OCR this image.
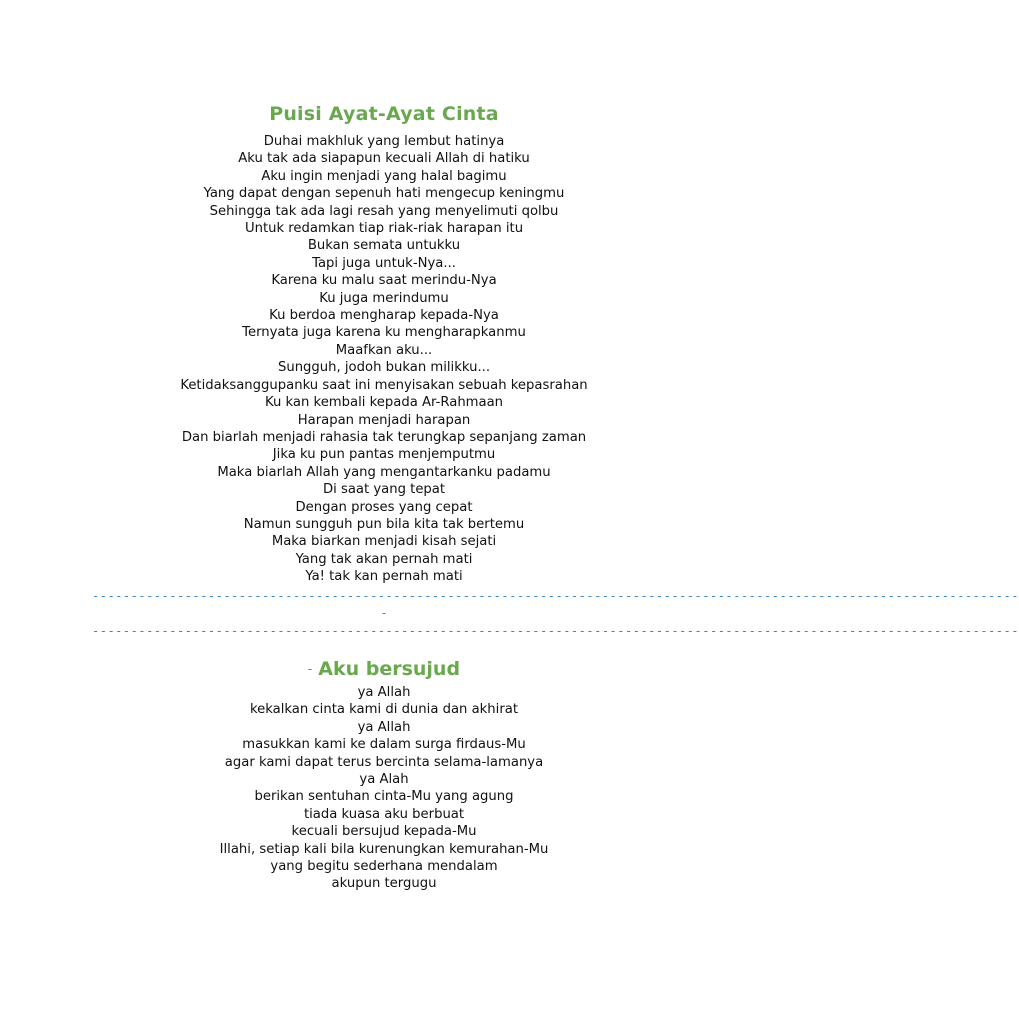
Puisi Ayat-Ayat Cinta
Duhai makhluk yang lembut hatinya
Aku tak ada siapapun kecuali Allah di hatiku
Aku ingin menjadi yang halal bagimu
Yang dapat dengan sepenuh hati mengecup keningmu
Sehingga tak ada lagi resah yang menyelimuti qolbu
Untuk redamkan tiap riak-riak harapan itu
Bukan semata untukku
Tapi juga untuk-Nya...
Karena ku malu saat merindu-Nya
Ku juga merindumu
Ku berdoa mengharap kepada-Nya
Ternyata juga karena ku mengharapkanmu
Maafkan aku...
Sungguh, jodoh bukan milikku...
Ketidaksanggupanku saat ini menyisakan sebuah kepasrahan
Ku kan kembali kepada Ar-Rahmaan
Harapan menjadi harapan
Dan biarlah menjadi rahasia tak terungkap sepanjang zaman
Jika ku pun pantas menjemputmu
Maka biarlah Allah yang mengantarkanku padamu
Di saat yang tepat
Dengan proses yang cepat
Namun sungguh pun bila kita tak bertemu
Maka biarkan menjadi kisah sejati
Yang tak akan pernah mati
Ya! tak kan pernah mati
------------------------------------------------------------------------------------------------------------------------
-
------------------------------------------------------------------------------------------------------------------------
- Aku bersujud
ya Allah
kekalkan cinta kami di dunia dan akhirat
ya Allah
masukkan kami ke dalam surga firdaus-Mu
agar kami dapat terus bercinta selama-lamanya
ya Alah
berikan sentuhan cinta-Mu yang agung
tiada kuasa aku berbuat
kecuali bersujud kepada-Mu
Illahi, setiap kali bila kurenungkan kemurahan-Mu
yang begitu sederhana mendalam
akupun tergugu
